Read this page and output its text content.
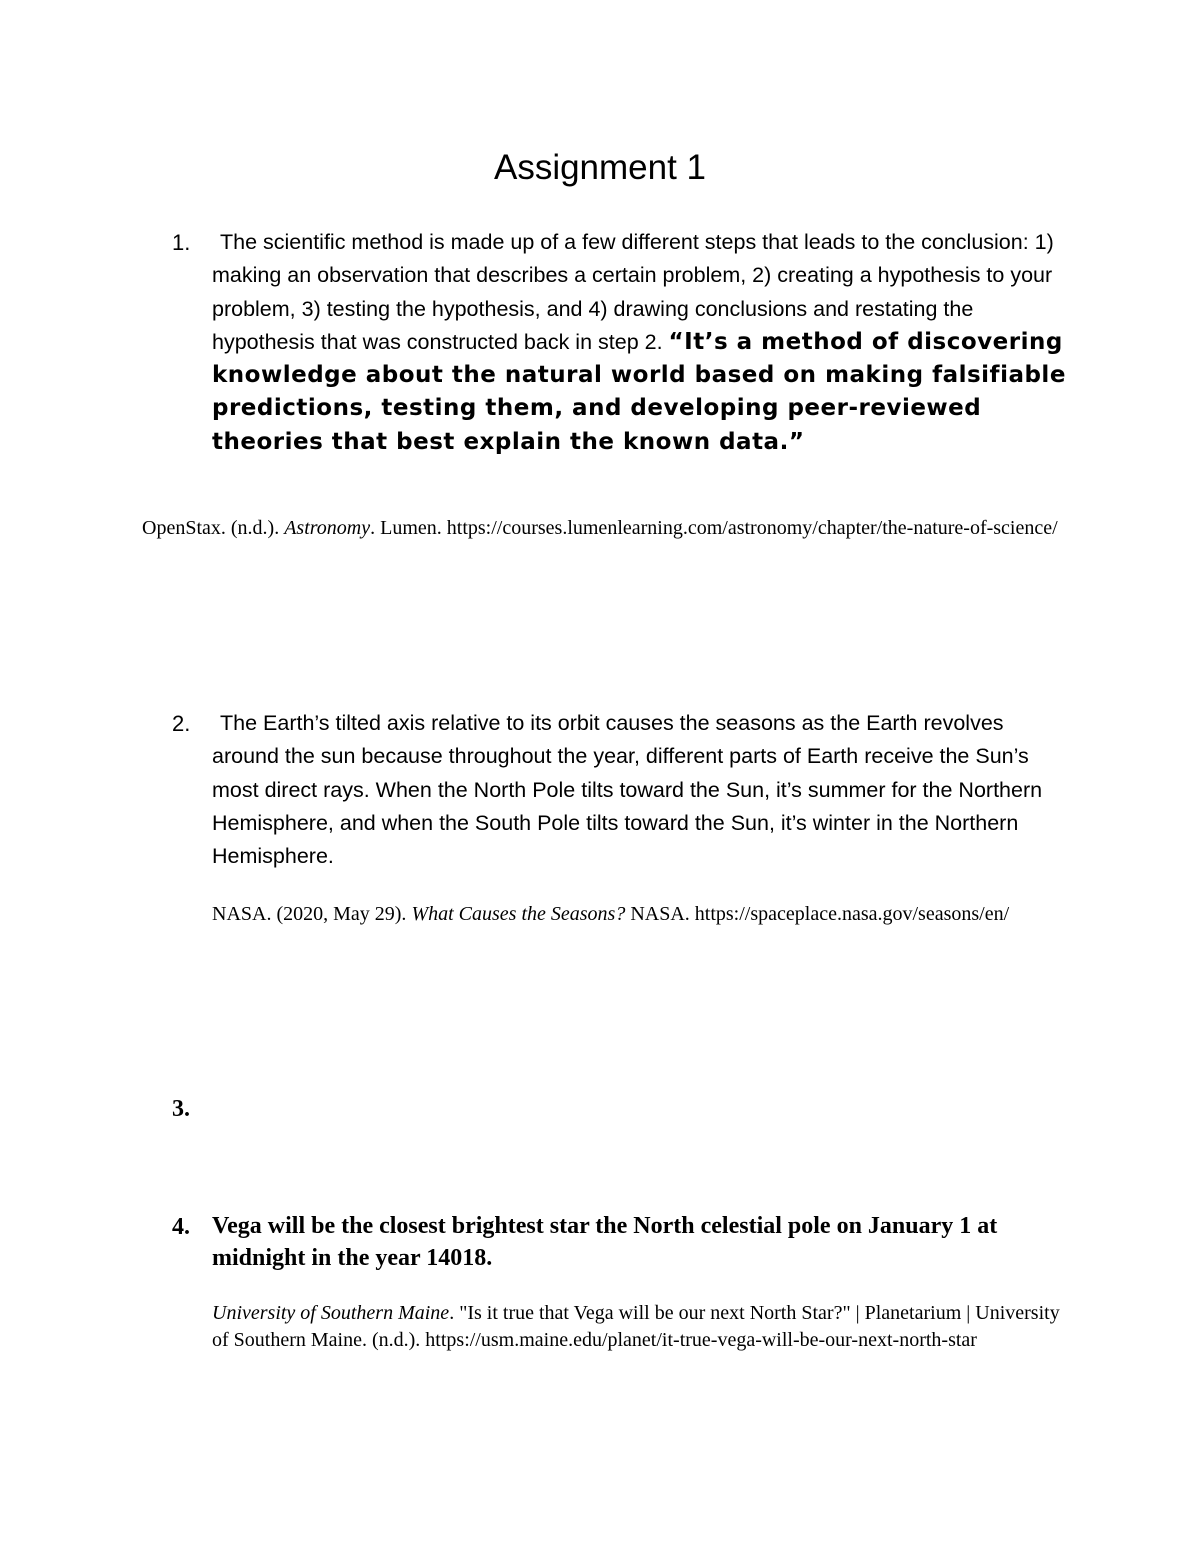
Assignment 1
1.	The scientific method is made up of a few different steps that leads to the conclusion: 1) making an observation that describes a certain problem, 2) creating a hypothesis to your problem, 3) testing the hypothesis, and 4) drawing conclusions and restating the hypothesis that was constructed back in step 2. “It’s a method of discovering knowledge about the natural world based on making falsifiable predictions, testing them, and developing peer-reviewed theories that best explain the known data.”
OpenStax. (n.d.). Astronomy. Lumen. https://courses.lumenlearning.com/astronomy/chapter/the-nature-of-science/
2.	The Earth’s tilted axis relative to its orbit causes the seasons as the Earth revolves around the sun because throughout the year, different parts of Earth receive the Sun’s most direct rays. When the North Pole tilts toward the Sun, it’s summer for the Northern Hemisphere, and when the South Pole tilts toward the Sun, it’s winter in the Northern Hemisphere.
NASA. (2020, May 29). What Causes the Seasons? NASA. https://spaceplace.nasa.gov/seasons/en/
3.
4. Vega will be the closest brightest star the North celestial pole on January 1 at midnight in the year 14018.
University of Southern Maine. "Is it true that Vega will be our next North Star?" | Planetarium | University of Southern Maine. (n.d.). https://usm.maine.edu/planet/it-true-vega-will-be-our-next-north-star
